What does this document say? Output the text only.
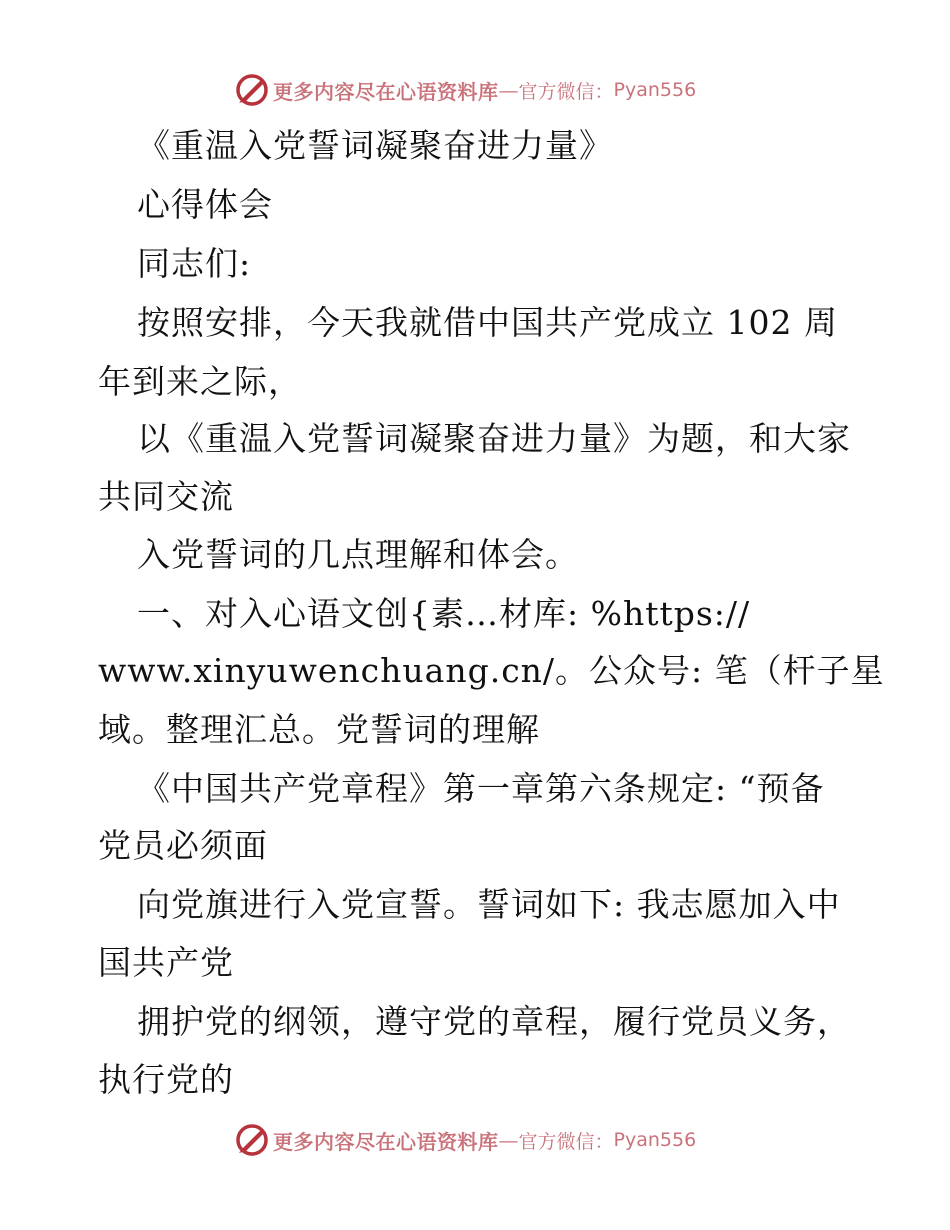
更多内容尽在心语资料库 — 官方微信： Pyan556
《重温入党誓词凝聚奋进力量》
心得体会
同志们:
按照安排，今天我就借中国共产党成立 102 周
年到来之际，
以《重温入党誓词凝聚奋进力量》为题，和大家
共同交流
入党誓词的几点理解和体会。
一、对入心语文创{素…材库: %https://
www.xinyuwenchuang.cn/。公众号: 笔（杆子星
域。整理汇总。党誓词的理解
《中国共产党章程》第一章第六条规定: “预备
党员必须面
向党旗进行入党宣誓。誓词如下: 我志愿加入中
国共产党
拥护党的纲领，遵守党的章程，履行党员义务，
执行党的
更多内容尽在心语资料库 — 官方微信： Pyan556
